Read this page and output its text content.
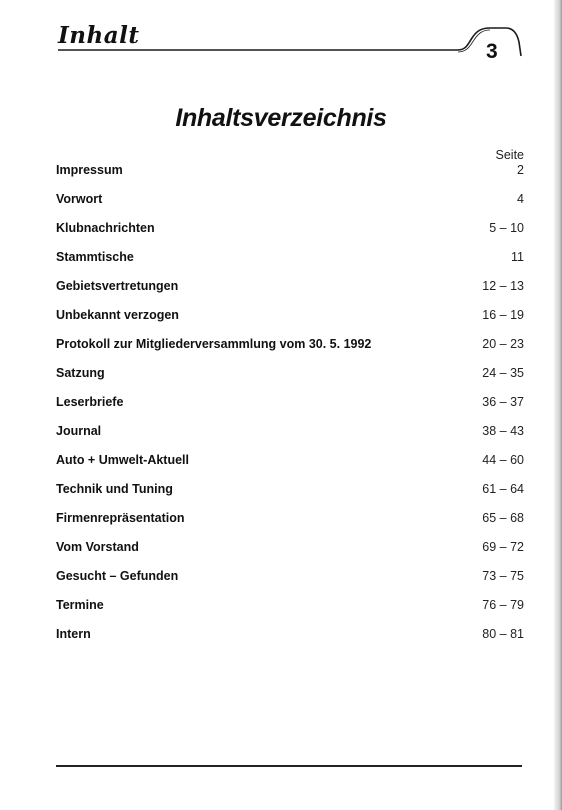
Inhalt
3
Inhaltsverzeichnis
Seite
Impressum	2
Vorwort	4
Klubnachrichten	5 – 10
Stammtische	11
Gebietsvertretungen	12 – 13
Unbekannt verzogen	16 – 19
Protokoll zur Mitgliederversammlung vom 30. 5. 1992	20 – 23
Satzung	24 – 35
Leserbriefe	36 – 37
Journal	38 – 43
Auto + Umwelt-Aktuell	44 – 60
Technik und Tuning	61 – 64
Firmenrepräsentation	65 – 68
Vom Vorstand	69 – 72
Gesucht – Gefunden	73 – 75
Termine	76 – 79
Intern	80 – 81
